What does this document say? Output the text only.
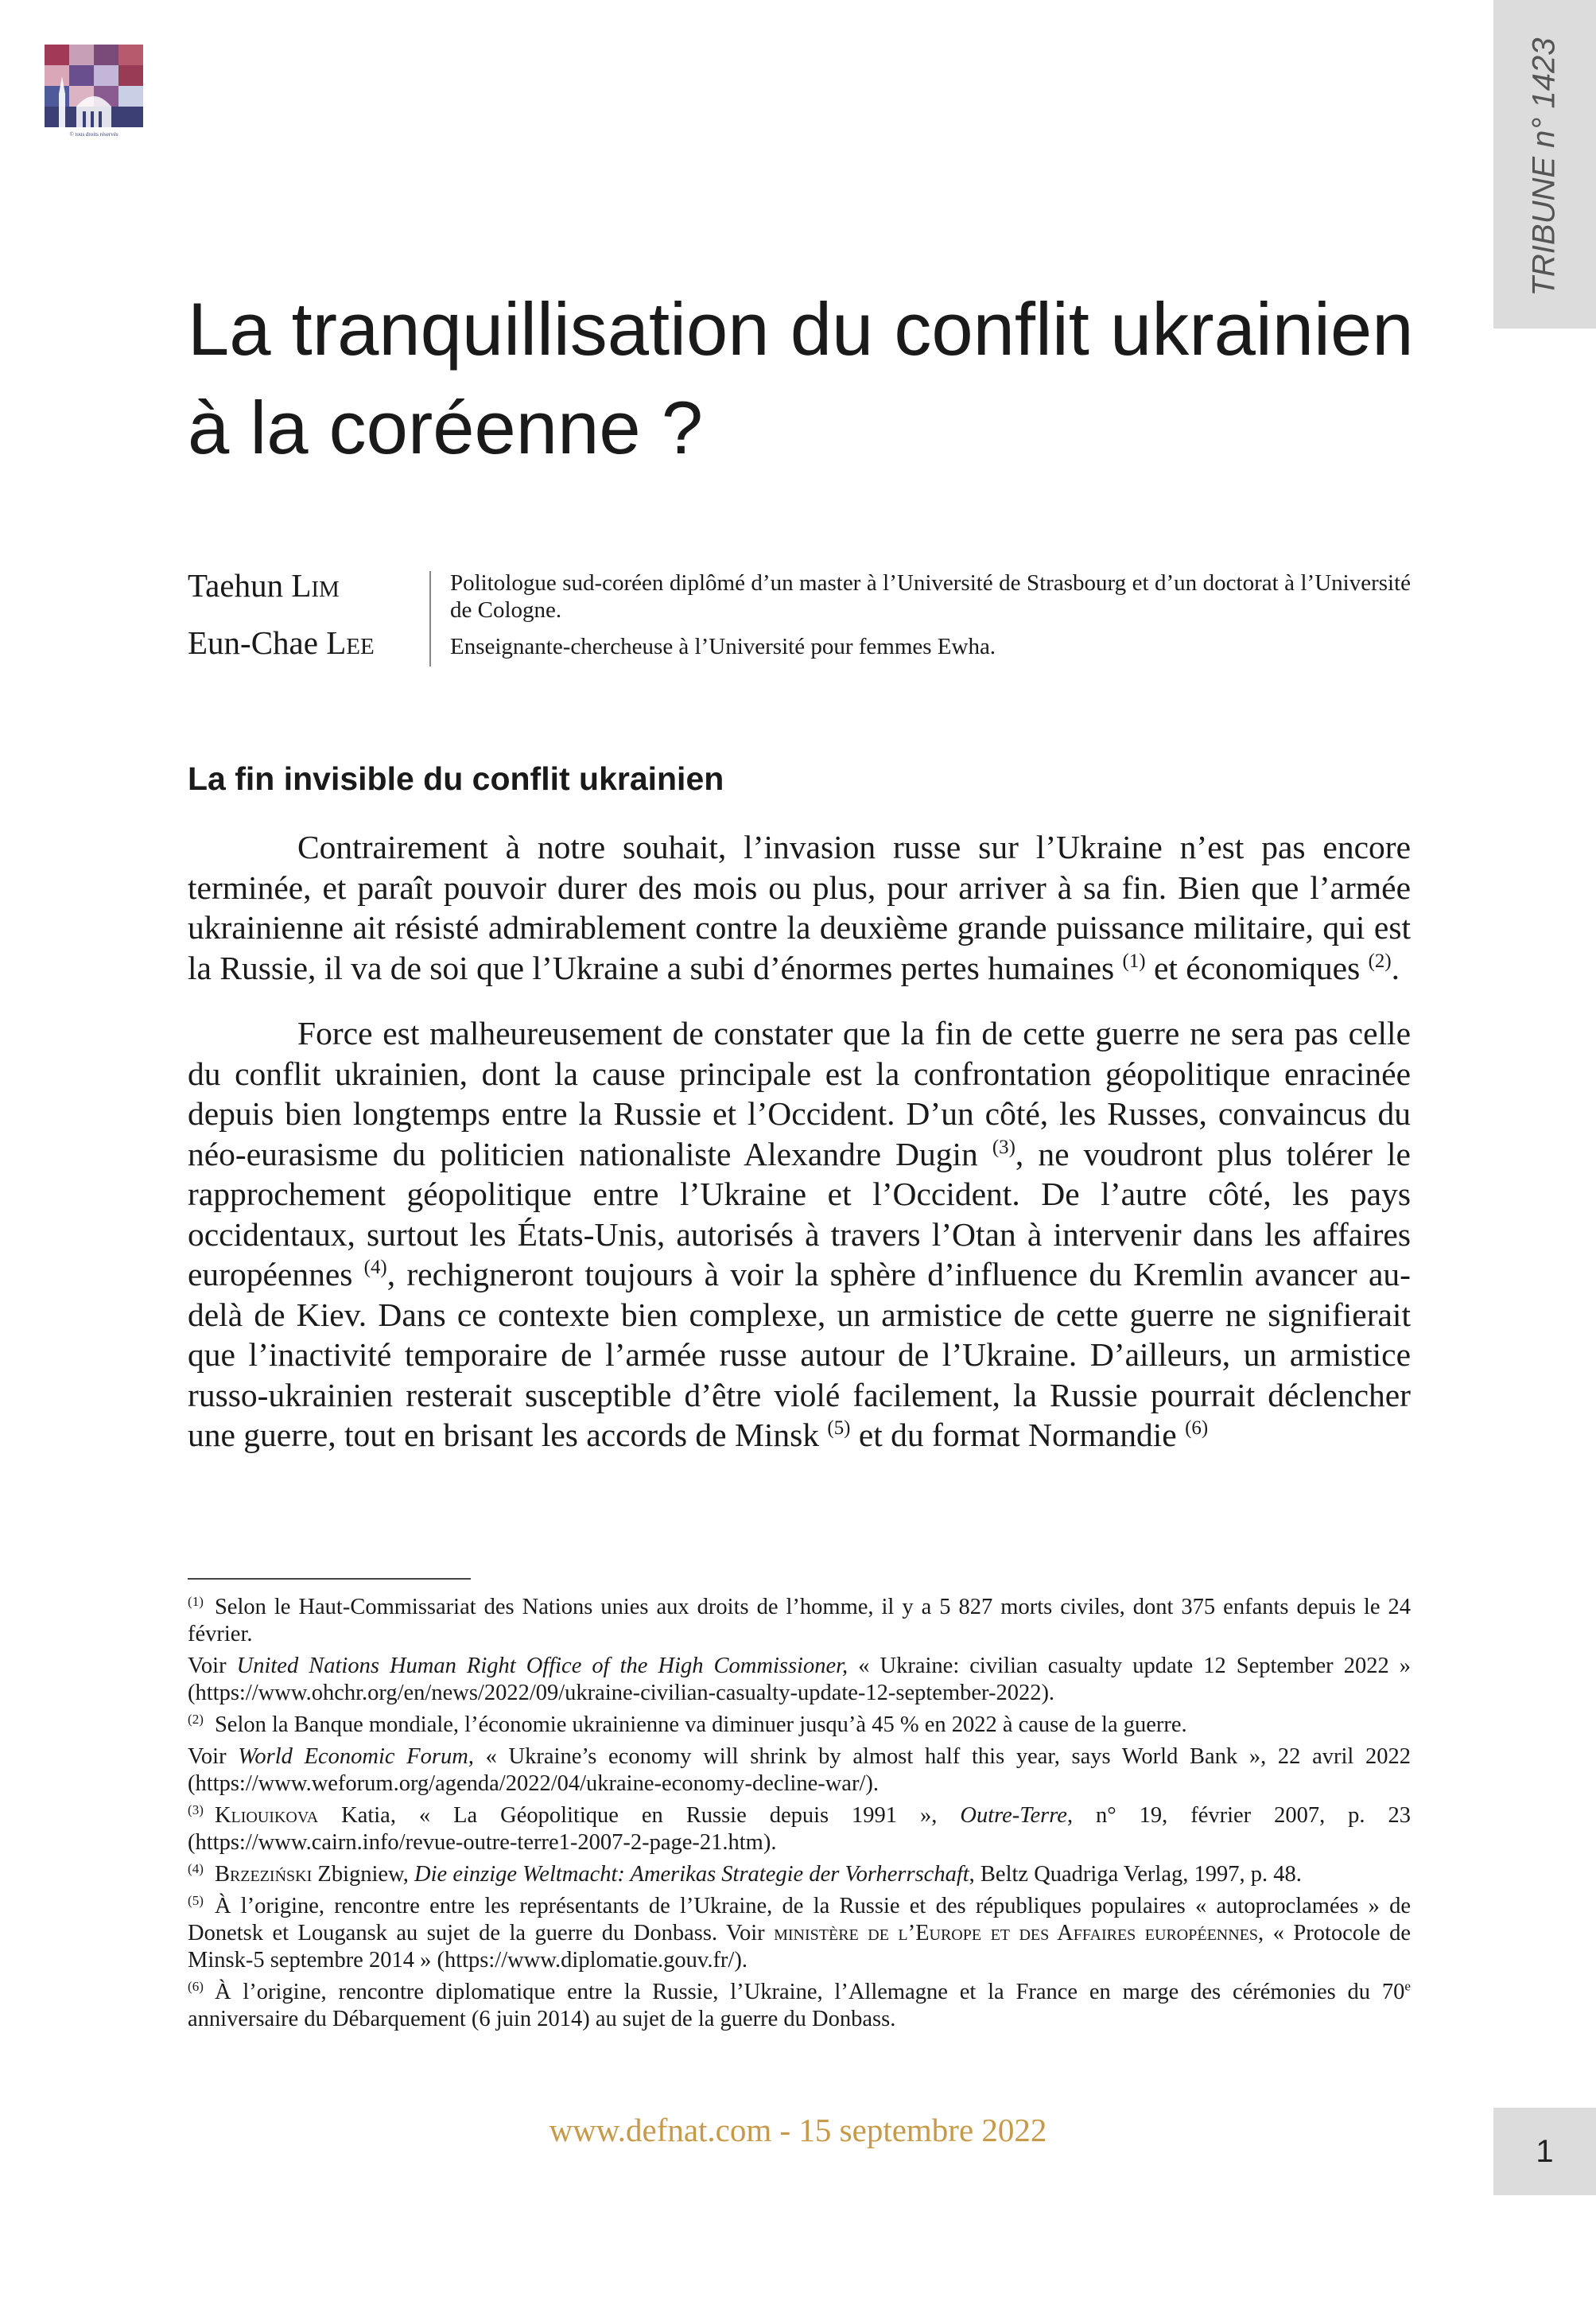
© tous droits réservés	TRIBUNE n° 1423
La tranquillisation du conflit ukrainien à la coréenne ?
Taehun Lim
Eun-Chae Lee
Politologue sud-coréen diplômé d’un master à l’Université de Strasbourg et d’un doctorat à l’Université de Cologne.
Enseignante-chercheuse à l’Université pour femmes Ewha.
La fin invisible du conflit ukrainien

Contrairement à notre souhait, l’invasion russe sur l’Ukraine n’est pas encore terminée, et paraît pouvoir durer des mois ou plus, pour arriver à sa fin. Bien que l’armée ukrainienne ait résisté admirablement contre la deuxième grande puissance militaire, qui est la Russie, il va de soi que l’Ukraine a subi d’énormes pertes humaines $^{(1)}$ et économiques $^{(2)}$.

Force est malheureusement de constater que la fin de cette guerre ne sera pas celle du conflit ukrainien, dont la cause principale est la confrontation géopolitique enracinée depuis bien longtemps entre la Russie et l’Occident. D’un côté, les Russes, convaincus du néo-eurasisme du politicien nationaliste Alexandre Dugin $^{(3)}$, ne voudront plus tolérer le rapprochement géopolitique entre l’Ukraine et l’Occident. De l’autre côté, les pays occidentaux, surtout les États-Unis, autorisés à travers l’Otan à intervenir dans les affaires européennes $^{(4)}$, rechigneront toujours à voir la sphère d’influence du Kremlin avancer au-delà de Kiev. Dans ce contexte bien complexe, un armistice de cette guerre ne signifierait que l’inactivité temporaire de l’armée russe autour de l’Ukraine. D’ailleurs, un armistice russo-ukrainien resterait susceptible d’être violé facilement, la Russie pourrait déclencher une guerre, tout en brisant les accords de Minsk $^{(5)}$ et du format Normandie $^{(6)}$

$^{(1)}$ Selon le Haut-Commissariat des Nations unies aux droits de l’homme, il y a 5 827 morts civiles, dont 375 enfants depuis le 24 février.
Voir United Nations Human Right Office of the High Commissioner, « Ukraine: civilian casualty update 12 September 2022 » (https://www.ohchr.org/en/news/2022/09/ukraine-civilian-casualty-update-12-september-2022).
$^{(2)}$ Selon la Banque mondiale, l’économie ukrainienne va diminuer jusqu’à 45 % en 2022 à cause de la guerre.
Voir World Economic Forum, « Ukraine’s economy will shrink by almost half this year, says World Bank », 22 avril 2022 (https://www.weforum.org/agenda/2022/04/ukraine-economy-decline-war/).
$^{(3)}$ Kliouikova Katia, « La Géopolitique en Russie depuis 1991 », Outre-Terre, n° 19, février 2007, p. 23 (https://www.cairn.info/revue-outre-terre1-2007-2-page-21.htm).
$^{(4)}$ Brzeziński Zbigniew, Die einzige Weltmacht: Amerikas Strategie der Vorherrschaft, Beltz Quadriga Verlag, 1997, p. 48.
$^{(5)}$ À l’origine, rencontre entre les représentants de l’Ukraine, de la Russie et des républiques populaires « autoproclamées » de Donetsk et Lougansk au sujet de la guerre du Donbass. Voir ministère de l’Europe et des Affaires européennes, « Protocole de Minsk-5 septembre 2014 » (https://www.diplomatie.gouv.fr/).
$^{(6)}$ À l’origine, rencontre diplomatique entre la Russie, l’Ukraine, l’Allemagne et la France en marge des cérémonies du 70e anniversaire du Débarquement (6 juin 2014) au sujet de la guerre du Donbass.
www.defnat.com - 15 septembre 2022
1
